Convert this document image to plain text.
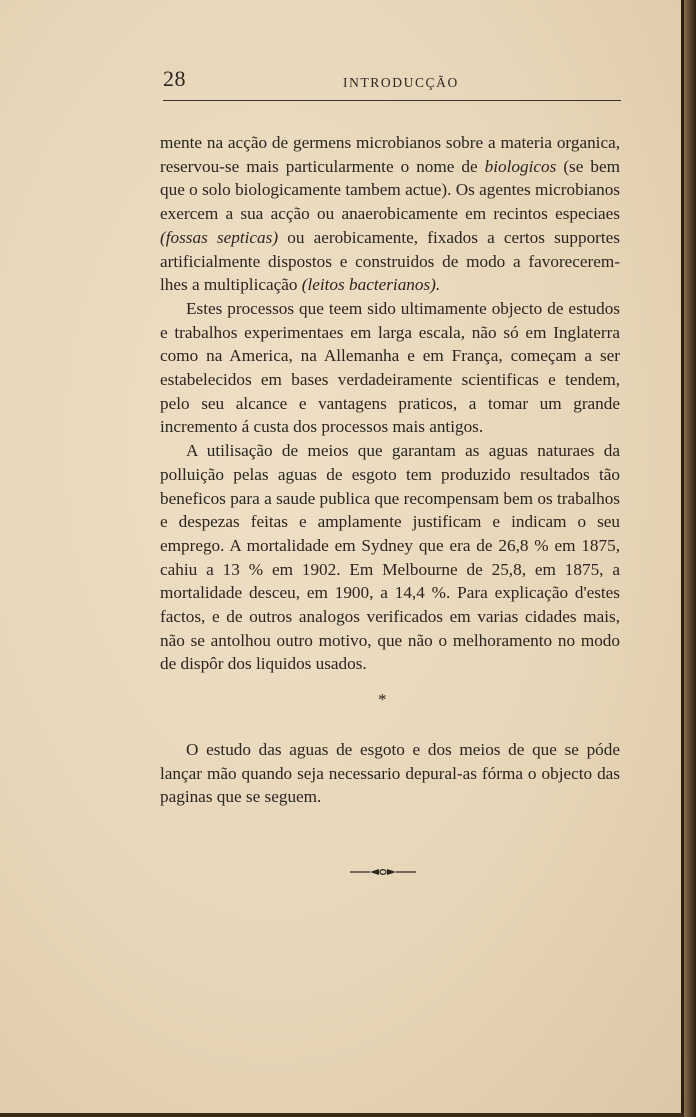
28	INTRODUCÇÃO

mente na acção de germens microbianos sobre a materia organica, reservou-se mais particularmente o nome de biologicos (se bem que o solo biologicamente tambem actue). Os agentes microbianos exercem a sua acção ou anaerobicamente em recintos especiaes (fossas septicas) ou aerobicamente, fixados a certos supportes artificialmente dispostos e construidos de modo a favorecerem-lhes a multiplicação (leitos bacterianos).

Estes processos que teem sido ultimamente objecto de estudos e trabalhos experimentaes em larga escala, não só em Inglaterra como na America, na Allemanha e em França, começam a ser estabelecidos em bases verdadeiramente scientificas e tendem, pelo seu alcance e vantagens praticos, a tomar um grande incremento á custa dos processos mais antigos.

A utilisação de meios que garantam as aguas naturaes da polluição pelas aguas de esgoto tem produzido resultados tão beneficos para a saude publica que recompensam bem os trabalhos e despezas feitas e amplamente justificam e indicam o seu emprego. A mortalidade em Sydney que era de 26,8 % em 1875, cahiu a 13 % em 1902. Em Melbourne de 25,8, em 1875, a mortalidade desceu, em 1900, a 14,4 %. Para explicação d'estes factos, e de outros analogos verificados em varias cidades mais, não se antolhou outro motivo, que não o melhoramento no modo de dispôr dos liquidos usados.

*

O estudo das aguas de esgoto e dos meios de que se póde lançar mão quando seja necessario depural-as fórma o objecto das paginas que se seguem.
